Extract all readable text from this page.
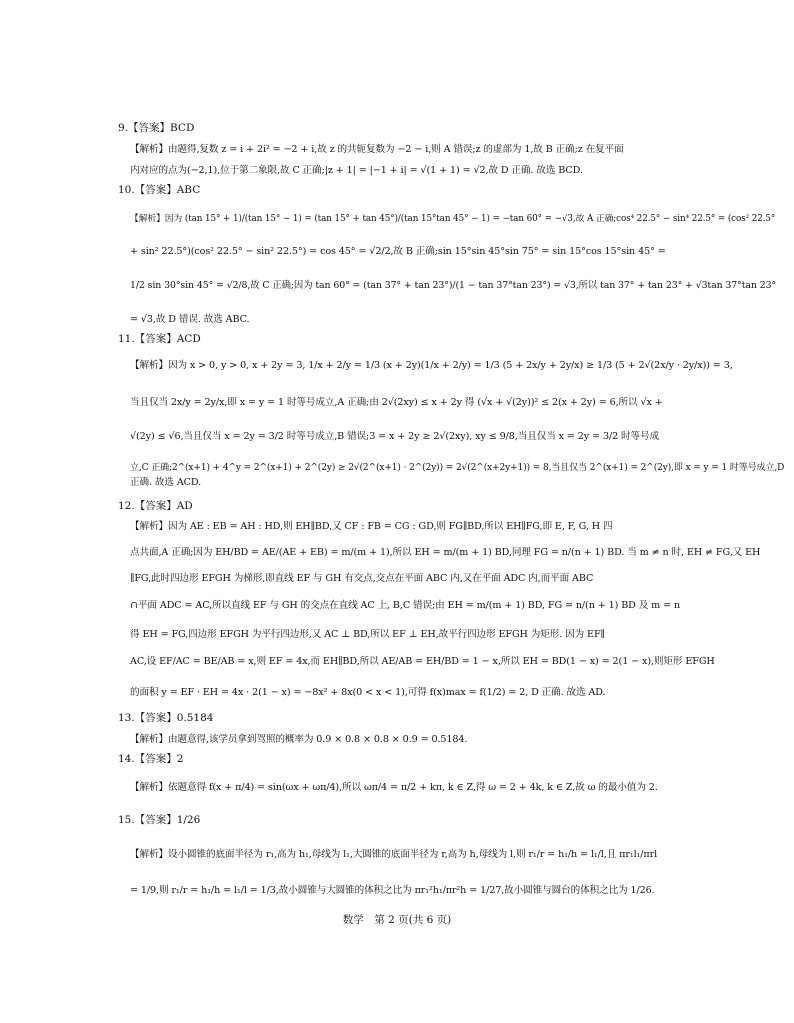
9.【答案】BCD
【解析】由题得,复数 z = i + 2i² = −2 + i,故 z 的共轭复数为 −2 − i,则 A 错误;z 的虚部为 1,故 B 正确;z 在复平面
内对应的点为(−2,1),位于第二象限,故 C 正确;|z + 1| = |−1 + i| = √(1 + 1) = √2,故 D 正确. 故选 BCD.
10.【答案】ABC
【解析】因为 (tan 15° + 1)/(tan 15° − 1) = (tan 15° + tan 45°)/(tan 15°tan 45° − 1) = −tan 60° = −√3,故 A 正确;cos⁴ 22.5° − sin⁴ 22.5° = (cos² 22.5°
+ sin² 22.5°)(cos² 22.5° − sin² 22.5°) = cos 45° = √2/2,故 B 正确;sin 15°sin 45°sin 75° = sin 15°cos 15°sin 45° =
1/2 sin 30°sin 45° = √2/8,故 C 正确;因为 tan 60° = (tan 37° + tan 23°)/(1 − tan 37°tan 23°) = √3,所以 tan 37° + tan 23° + √3tan 37°tan 23°
= √3,故 D 错误. 故选 ABC.
11.【答案】ACD
【解析】因为 x > 0, y > 0, x + 2y = 3, 1/x + 2/y = 1/3 (x + 2y)(1/x + 2/y) = 1/3 (5 + 2x/y + 2y/x) ≥ 1/3 (5 + 2√(2x/y · 2y/x)) = 3,
当且仅当 2x/y = 2y/x,即 x = y = 1 时等号成立,A 正确;由 2√(2xy) ≤ x + 2y 得 (√x + √(2y))² ≤ 2(x + 2y) = 6,所以 √x +
√(2y) ≤ √6,当且仅当 x = 2y = 3/2 时等号成立,B 错误;3 = x + 2y ≥ 2√(2xy), xy ≤ 9/8,当且仅当 x = 2y = 3/2 时等号成
立,C 正确;2^(x+1) + 4^y = 2^(x+1) + 2^(2y) ≥ 2√(2^(x+1) · 2^(2y)) = 2√(2^(x+2y+1)) = 8,当且仅当 2^(x+1) = 2^(2y),即 x = y = 1 时等号成立,D
正确. 故选 ACD.
12.【答案】AD
【解析】因为 AE : EB = AH : HD,则 EH∥BD,又 CF : FB = CG : GD,则 FG∥BD,所以 EH∥FG,即 E, F, G, H 四
点共面,A 正确;因为 EH/BD = AE/(AE + EB) = m/(m + 1),所以 EH = m/(m + 1) BD,同理 FG = n/(n + 1) BD. 当 m ≠ n 时, EH ≠ FG,又 EH
∥FG,此时四边形 EFGH 为梯形,即直线 EF 与 GH 有交点,交点在平面 ABC 内,又在平面 ADC 内,而平面 ABC
∩平面 ADC = AC,所以直线 EF 与 GH 的交点在直线 AC 上, B,C 错误;由 EH = m/(m + 1) BD, FG = n/(n + 1) BD 及 m = n
得 EH = FG,四边形 EFGH 为平行四边形,又 AC ⊥ BD,所以 EF ⊥ EH,故平行四边形 EFGH 为矩形. 因为 EF∥
AC,设 EF/AC = BE/AB = x,则 EF = 4x,而 EH∥BD,所以 AE/AB = EH/BD = 1 − x,所以 EH = BD(1 − x) = 2(1 − x),则矩形 EFGH
的面积 y = EF · EH = 4x · 2(1 − x) = −8x² + 8x(0 < x < 1),可得 f(x)max = f(1/2) = 2, D 正确. 故选 AD.
13.【答案】0.5184
【解析】由题意得,该学员拿到驾照的概率为 0.9 × 0.8 × 0.8 × 0.9 = 0.5184.
14.【答案】2
【解析】依题意得 f(x + π/4) = sin(ωx + ωπ/4),所以 ωπ/4 = π/2 + kπ, k ∈ Z,得 ω = 2 + 4k, k ∈ Z,故 ω 的最小值为 2.
15.【答案】1/26
【解析】设小圆锥的底面半径为 r₁,高为 h₁,母线为 l₁,大圆锥的底面半径为 r,高为 h,母线为 l,则 r₁/r = h₁/h = l₁/l,且 πr₁l₁/πrl
= 1/9,则 r₁/r = h₁/h = l₁/l = 1/3,故小圆锥与大圆锥的体积之比为 πr₁²h₁/πr²h = 1/27,故小圆锥与圆台的体积之比为 1/26.
数学　第 2 页(共 6 页)
